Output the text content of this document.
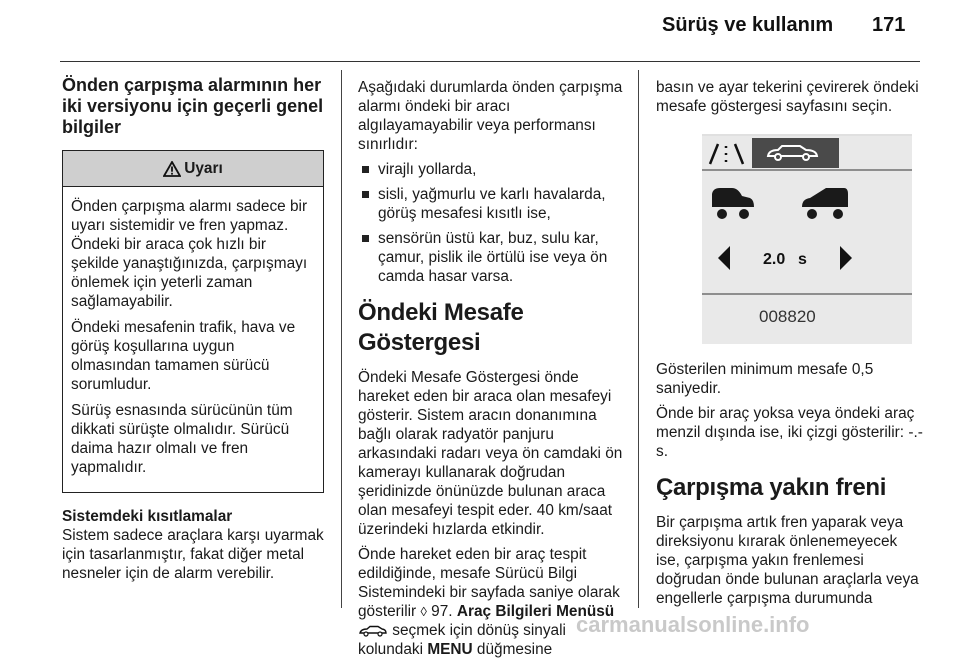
Sürüş ve kullanım 171
Önden çarpışma alarmının her iki versiyonu için geçerli genel bilgiler
Uyarı

Önden çarpışma alarmı sadece bir uyarı sistemidir ve fren yapmaz. Öndeki bir araca çok hızlı bir şekilde yanaştığınızda, çarpışmayı önlemek için yeterli zaman sağlamayabilir.

Öndeki mesafenin trafik, hava ve görüş koşullarına uygun olmasından tamamen sürücü sorumludur.

Sürüş esnasında sürücünün tüm dikkati sürüşte olmalıdır. Sürücü daima hazır olmalı ve fren yapmalıdır.

Sistemdeki kısıtlamalar

Sistem sadece araçlara karşı uyarmak için tasarlanmıştır, fakat diğer metal nesneler için de alarm verebilir.

Aşağıdaki durumlarda önden çarpışma alarmı öndeki bir aracı algılayamayabilir veya performansı sınırlıdır:

virajlı yollarda,
sisli, yağmurlu ve karlı havalarda, görüş mesafesi kısıtlı ise,
sensörün üstü kar, buz, sulu kar, çamur, pislik ile örtülü ise veya ön camda hasar varsa.
Öndeki Mesafe Göstergesi

Öndeki Mesafe Göstergesi önde hareket eden bir araca olan mesafeyi gösterir. Sistem aracın donanımına bağlı olarak radyatör panjuru arkasındaki radarı veya ön camdaki ön kamerayı kullanarak doğrudan şeridinizde önünüzde bulunan araca olan mesafeyi tespit eder. 40 km/saat üzerindeki hızlarda etkindir.

Önde hareket eden bir araç tespit edildiğinde, mesafe Sürücü Bilgi Sistemindeki bir sayfada saniye olarak gösterilir ◊ 97. Araç Bilgileri Menüsü  seçmek için dönüş sinyali kolundaki MENU düğmesine

basın ve ayar tekerini çevirerek öndeki mesafe göstergesi sayfasını seçin.

2.0 s
008820

Gösterilen minimum mesafe 0,5 saniyedir.

Önde bir araç yoksa veya öndeki araç menzil dışında ise, iki çizgi gösterilir: -.- s.

Çarpışma yakın freni

Bir çarpışma artık fren yaparak veya direksiyonu kırarak önlenemeyecek ise, çarpışma yakın frenlemesi doğrudan önde bulunan araçlarla veya engellerle çarpışma durumunda

carmanualsonline.info
